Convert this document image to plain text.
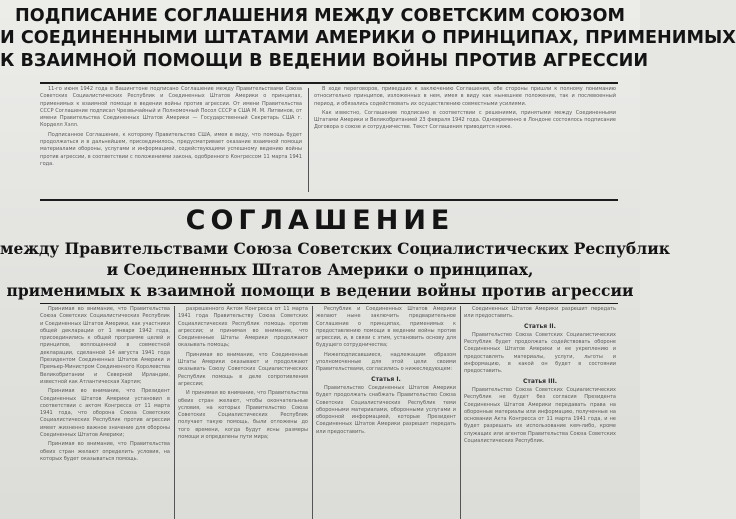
ПОДПИСАНИЕ СОГЛАШЕНИЯ МЕЖДУ СОВЕТСКИМ СОЮЗОМ
И СОЕДИНЕННЫМИ ШТАТАМИ АМЕРИКИ О ПРИНЦИПАХ, ПРИМЕНИМЫХ
К ВЗАИМНОЙ ПОМОЩИ В ВЕДЕНИИ ВОЙНЫ ПРОТИВ АГРЕССИИ

11-го июня 1942 года в Вашингтоне подписано Соглашение между Правительствами Союза Советских Социалистических Республик и Соединенных Штатов Америки о принципах, применимых к взаимной помощи в ведении войны против агрессии. От имени Правительства СССР Соглашение подписал Чрезвычайный и Полномочный Посол СССР в США М. М. Литвинов, от имени Правительства Соединенных Штатов Америки — Государственный Секретарь США г. Корделл Хэлл.

Подписанное Соглашение, к которому Правительство США, имея в виду, что помощь будет продолжаться и в дальнейшем, присоединилось, предусматривает оказание взаимной помощи материалами обороны, услугами и информацией, содействующими успешному ведению войны против агрессии, в соответствии с положениями закона, одобренного Конгрессом 11 марта 1941 года.

В ходе переговоров, приведших к заключению Соглашения, обе стороны пришли к полному пониманию относительно принципов, изложенных в нем, имея в виду как нынешнее положение, так и послевоенный период, и обязались содействовать их осуществлению совместными усилиями.

Как известно, Соглашение подписано в соответствии с решениями, принятыми между Соединенными Штатами Америки и Великобританией 23 февраля 1942 года. Одновременно в Лондоне состоялось подписание Договора о союзе и сотрудничестве. Текст Соглашения приводится ниже.

СОГЛАШЕНИЕ
между Правительствами Союза Советских Социалистических Республик
и Соединенных Штатов Америки о принципах,
применимых к взаимной помощи в ведении войны против агрессии

Принимая во внимание, что Правительства Союза Советских Социалистических Республик и Соединенных Штатов Америки, как участники общей декларации от 1 января 1942 года, присоединились к общей программе целей и принципов, воплощенной в совместной декларации, сделанной 14 августа 1941 года Президентом Соединенных Штатов Америки и Премьер-Министром Соединенного Королевства Великобритании и Северной Ирландии, известной как Атлантическая Хартия;

Принимая во внимание, что Президент Соединенных Штатов Америки установил в соответствии с актом Конгресса от 11 марта 1941 года, что оборона Союза Советских Социалистических Республик против агрессии имеет жизненно важное значение для обороны Соединенных Штатов Америки;

Принимая во внимание, что Правительства обеих стран желают определить условия, на которых будет оказываться помощь.

разрешенного Актом Конгресса от 11 марта 1941 года Правительству Союза Советских Социалистических Республик помощь против агрессии; и принимая во внимание, что Соединенные Штаты Америки продолжают оказывать помощь;

Принимая во внимание, что Соединенные Штаты Америки оказывают и продолжают оказывать Союзу Советских Социалистических Республик помощь в деле сопротивления агрессии;

И принимая во внимание, что Правительства обеих стран желают, чтобы окончательные условия, на которых Правительство Союза Советских Социалистических Республик получает такую помощь, были отложены до того времени, когда будут ясны размеры помощи и определены пути мира;

Республик и Соединенных Штатов Америки желают ныне заключить предварительное Соглашение о принципах, применимых к предоставлению помощи в ведении войны против агрессии, и, в связи с этим, установить основу для будущего сотрудничества;

Нижеподписавшиеся, надлежащим образом уполномоченные для этой цели своими Правительствами, согласились о нижеследующем:

Статья I.

Правительство Соединенных Штатов Америки будет продолжать снабжать Правительство Союза Советских Социалистических Республик теми оборонными материалами, оборонными услугами и оборонной информацией, которые Президент Соединенных Штатов Америки разрешит передать или предоставить.

Соединенных Штатов Америки разрешит передать или предоставить.

Статья II.

Правительство Союза Советских Социалистических Республик будет продолжать содействовать обороне Соединенных Штатов Америки и ее укреплению и предоставлять материалы, услуги, льготы и информацию, в какой он будет в состоянии предоставить.

Статья III.

Правительство Союза Советских Социалистических Республик не будет без согласия Президента Соединенных Штатов Америки передавать права на оборонные материалы или информацию, полученные на основании Акта Конгресса от 11 марта 1941 года, и не будет разрешать их использование кем-либо, кроме служащих или агентов Правительства Союза Советских Социалистических Республик.
